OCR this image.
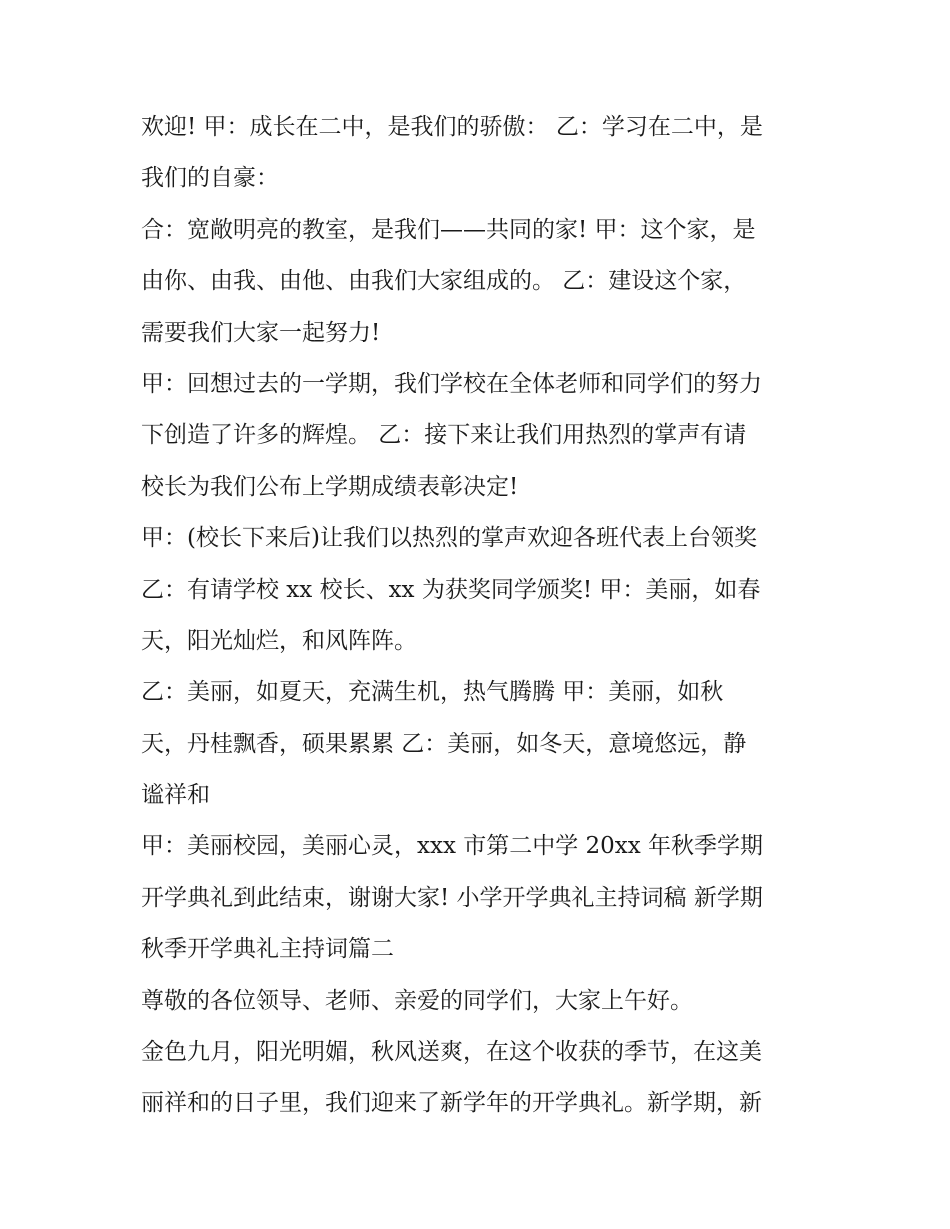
欢迎! 甲：成长在二中，是我们的骄傲： 乙：学习在二中，是
我们的自豪：
合：宽敞明亮的教室，是我们——共同的家! 甲：这个家，是
由你、由我、由他、由我们大家组成的。 乙：建设这个家，
需要我们大家一起努力!
甲：回想过去的一学期，我们学校在全体老师和同学们的努力
下创造了许多的辉煌。 乙：接下来让我们用热烈的掌声有请
校长为我们公布上学期成绩表彰决定!
甲：(校长下来后)让我们以热烈的掌声欢迎各班代表上台领奖
乙：有请学校 xx 校长、xx 为获奖同学颁奖! 甲：美丽，如春
天，阳光灿烂，和风阵阵。
乙：美丽，如夏天，充满生机，热气腾腾 甲：美丽，如秋
天，丹桂飘香，硕果累累 乙：美丽，如冬天，意境悠远，静
谧祥和
甲：美丽校园，美丽心灵，xxx 市第二中学 20xx 年秋季学期
开学典礼到此结束，谢谢大家! 小学开学典礼主持词稿 新学期
秋季开学典礼主持词篇二
尊敬的各位领导、老师、亲爱的同学们，大家上午好。
金色九月，阳光明媚，秋风送爽，在这个收获的季节，在这美
丽祥和的日子里，我们迎来了新学年的开学典礼。新学期，新
